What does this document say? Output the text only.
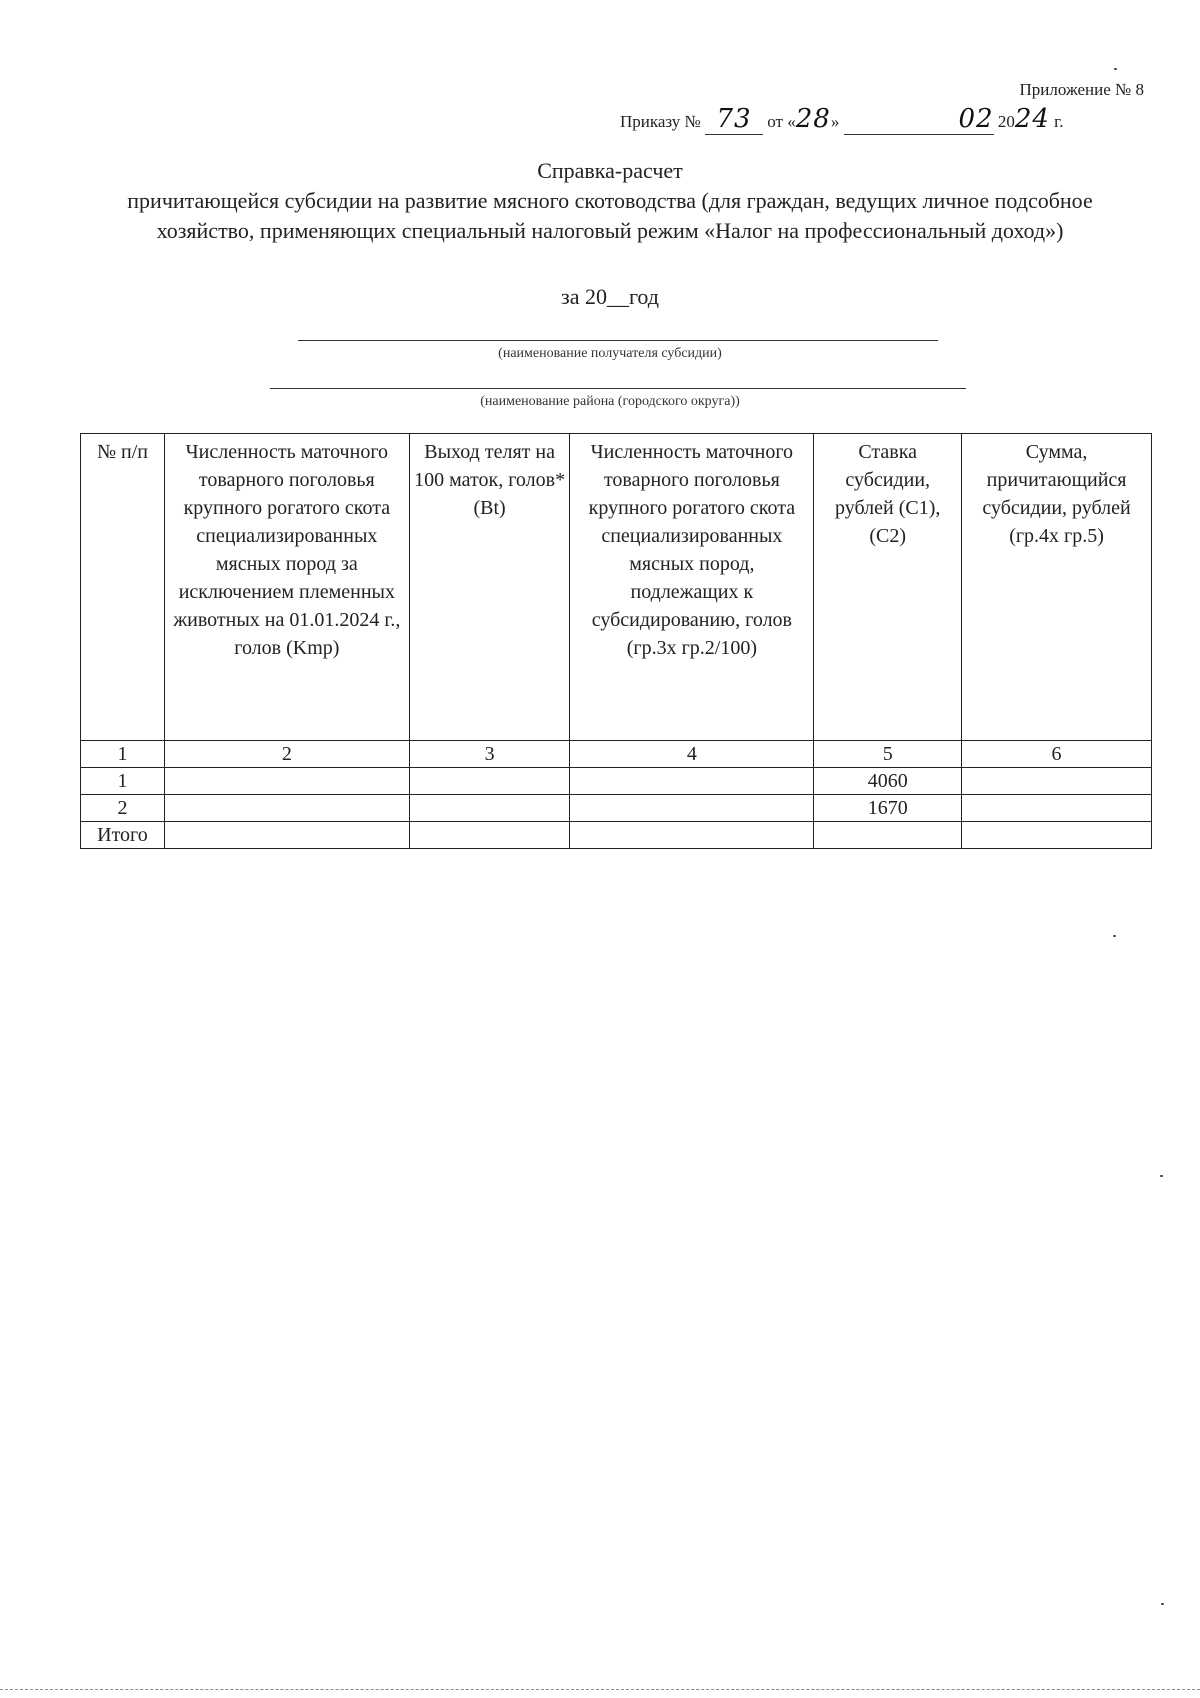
Приложение № 8
Приказу № 73 от «28»	02 2024 г.
Справка-расчет
причитающейся субсидии на развитие мясного скотоводства (для граждан, ведущих личное подсобное хозяйство, применяющих специальный налоговый режим «Налог на профессиональный доход»)
за 20__год
(наименование получателя субсидии)
(наименование района (городского округа))
№ п/п	Численность маточного товарного поголовья крупного рогатого скота специализированных мясных пород за исключением племенных животных на 01.01.2024 г., голов (Kmp)	Выход телят на 100 маток, голов* (Bt)	Численность маточного товарного поголовья крупного рогатого скота специализированных мясных пород, подлежащих к субсидированию, голов (гр.3х гр.2/100)	Ставка субсидии, рублей (C1), (C2)	Сумма, причитающийся субсидии, рублей (гр.4х гр.5)
1	2	3	4	5	6
1				4060	
2				1670	
Итого					
